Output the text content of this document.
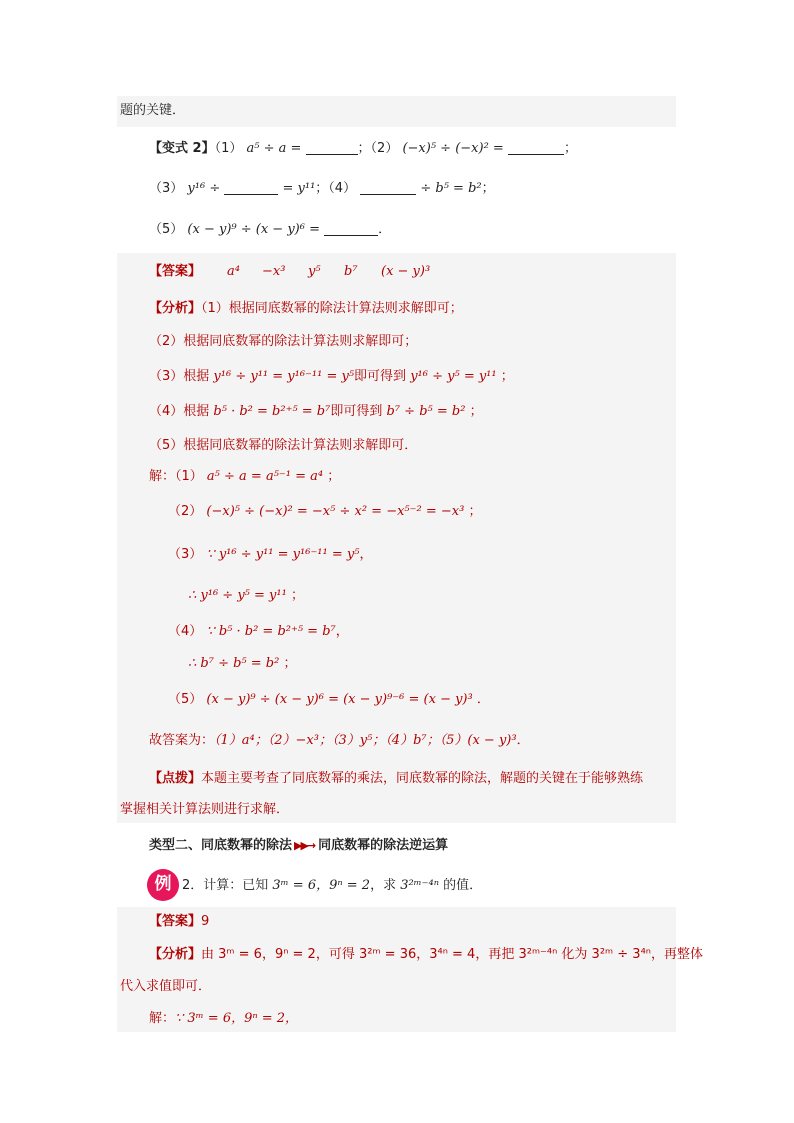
题的关键．
【变式 2】（1） a⁵ ÷ a =	；（2） (−x)⁵ ÷ (−x)² =	；
（3） y¹⁶ ÷	= y¹¹；（4）	÷ b⁵ = b²；
（5） (x − y)⁹ ÷ (x − y)⁶ =	．
【答案】 a⁴ −x³ y⁵ b⁷ (x − y)³
【分析】（1）根据同底数幂的除法计算法则求解即可；
（2）根据同底数幂的除法计算法则求解即可；
（3）根据 y¹⁶ ÷ y¹¹ = y¹⁶⁻¹¹ = y⁵即可得到 y¹⁶ ÷ y⁵ = y¹¹ ；
（4）根据 b⁵ · b² = b²⁺⁵ = b⁷即可得到 b⁷ ÷ b⁵ = b² ；
（5）根据同底数幂的除法计算法则求解即可．
解：（1） a⁵ ÷ a = a⁵⁻¹ = a⁴ ；
（2） (−x)⁵ ÷ (−x)² = −x⁵ ÷ x² = −x⁵⁻² = −x³ ；
（3） ∵ y¹⁶ ÷ y¹¹ = y¹⁶⁻¹¹ = y⁵，
∴ y¹⁶ ÷ y⁵ = y¹¹ ；
（4） ∵ b⁵ · b² = b²⁺⁵ = b⁷，
∴ b⁷ ÷ b⁵ = b² ；
（5） (x − y)⁹ ÷ (x − y)⁶ = (x − y)⁹⁻⁶ = (x − y)³ ．
故答案为：（1）a⁴；（2）−x³；（3）y⁵；（4）b⁷；（5）(x − y)³．
【点拨】本题主要考查了同底数幂的乘法，同底数幂的除法，解题的关键在于能够熟练
掌握相关计算法则进行求解．
类型二、同底数幂的除法 ▶▶→ 同底数幂的除法逆运算
例 2．计算：已知 3ᵐ = 6，9ⁿ = 2，求 3²ᵐ⁻⁴ⁿ 的值．
【答案】9
【分析】由 3ᵐ = 6，9ⁿ = 2，可得 3²ᵐ = 36，3⁴ⁿ = 4，再把 3²ᵐ⁻⁴ⁿ 化为 3²ᵐ ÷ 3⁴ⁿ，再整体
代入求值即可．
解：∵ 3ᵐ = 6，9ⁿ = 2，
